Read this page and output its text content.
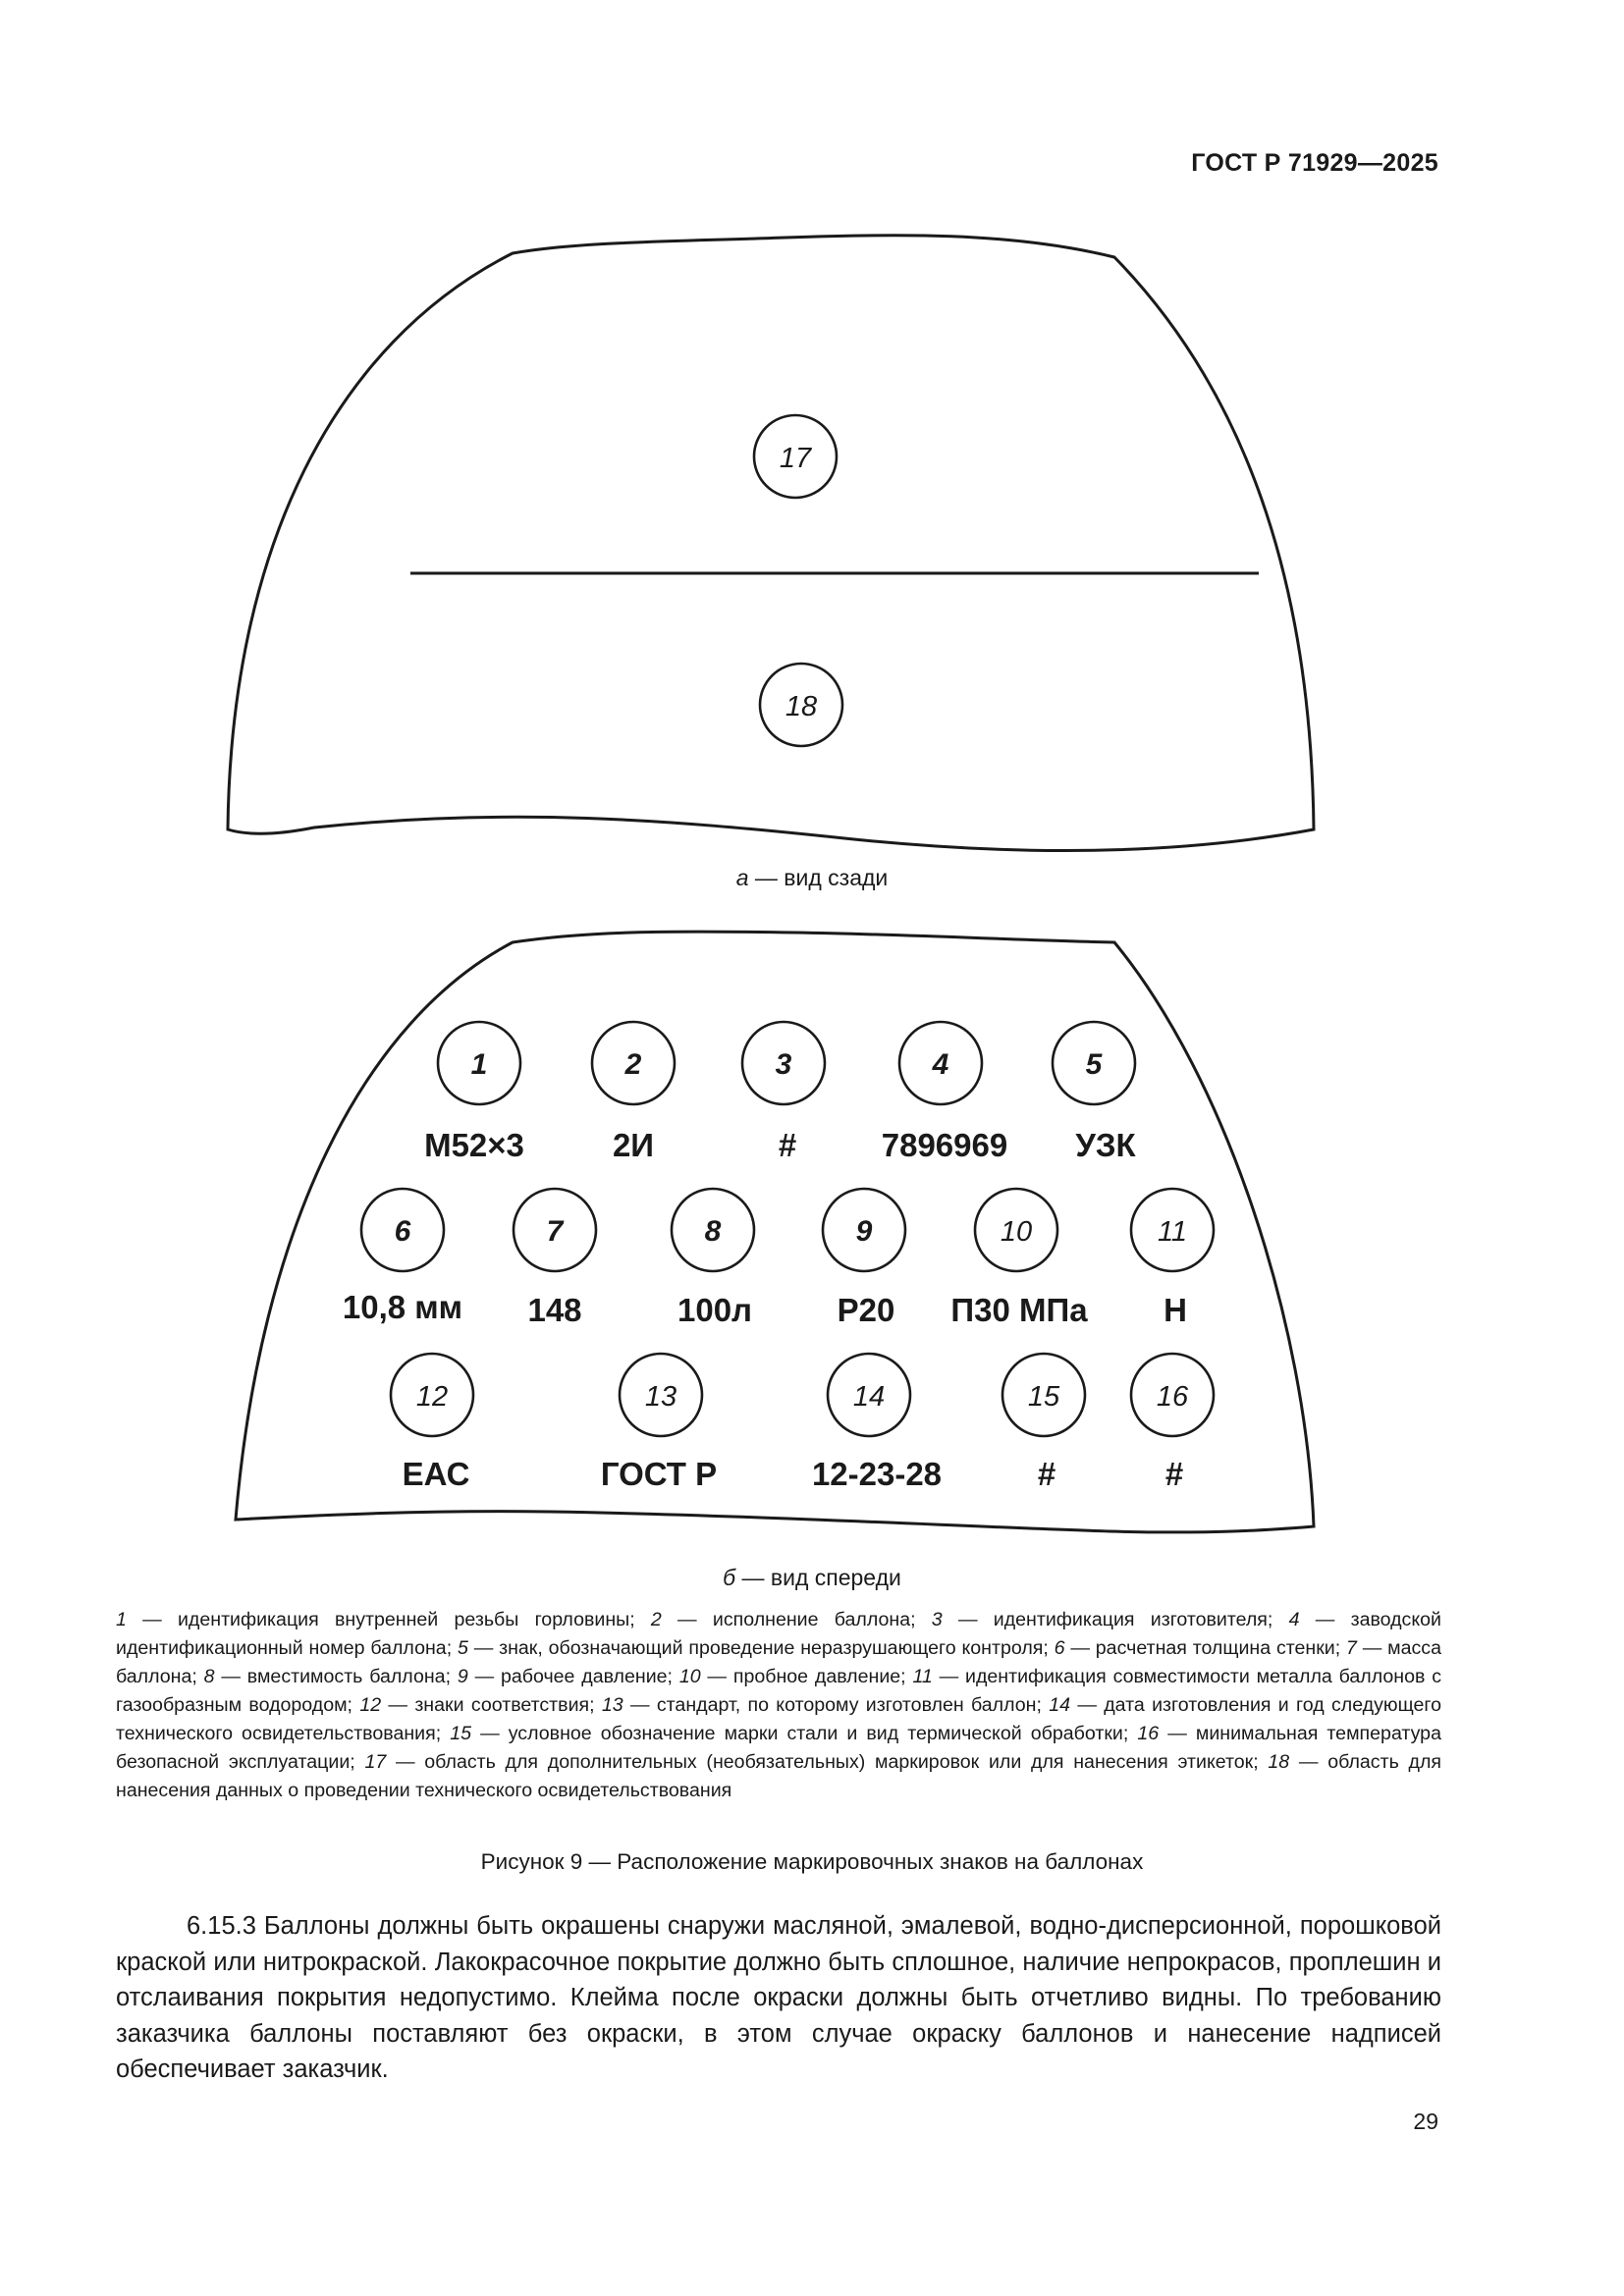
ГОСТ Р 71929—2025
17
18
1	2	3	4	5
6	7	8	9	10	11
12	13	14	15	16
М52×3	2И	#	7896969 УЗК
10,8 мм 148	100л	Р20 П30 МПа Н
ЕАС	ГОСТ Р	12-23-28	#	#
а — вид сзади
б — вид спереди
1 — идентификация внутренней резьбы горловины; 2 — исполнение баллона; 3 — идентификация изготовителя; 4 — заводской идентификационный номер баллона; 5 — знак, обозначающий проведение неразрушающего контроля; 6 — расчетная толщина стенки; 7 — масса баллона; 8 — вместимость баллона; 9 — рабочее давление; 10 — пробное давление; 11 — идентификация совместимости металла баллонов с газообразным водородом; 12 — знаки соответствия; 13 — стандарт, по которому изготовлен баллон; 14 — дата изготовления и год следующего технического освидетельствования; 15 — условное обозначение марки стали и вид термической обработки; 16 — минимальная температура безопасной эксплуатации; 17 — область для дополнительных (необязательных) маркировок или для нанесения этикеток; 18 — область для нанесения данных о проведении технического освидетельствования
Рисунок 9 — Расположение маркировочных знаков на баллонах
6.15.3 Баллоны должны быть окрашены снаружи масляной, эмалевой, водно-дисперсионной, порошковой краской или нитрокраской. Лакокрасочное покрытие должно быть сплошное, наличие непрокрасов, проплешин и отслаивания покрытия недопустимо. Клейма после окраски должны быть отчетливо видны. По требованию заказчика баллоны поставляют без окраски, в этом случае окраску баллонов и нанесение надписей обеспечивает заказчик.
29
